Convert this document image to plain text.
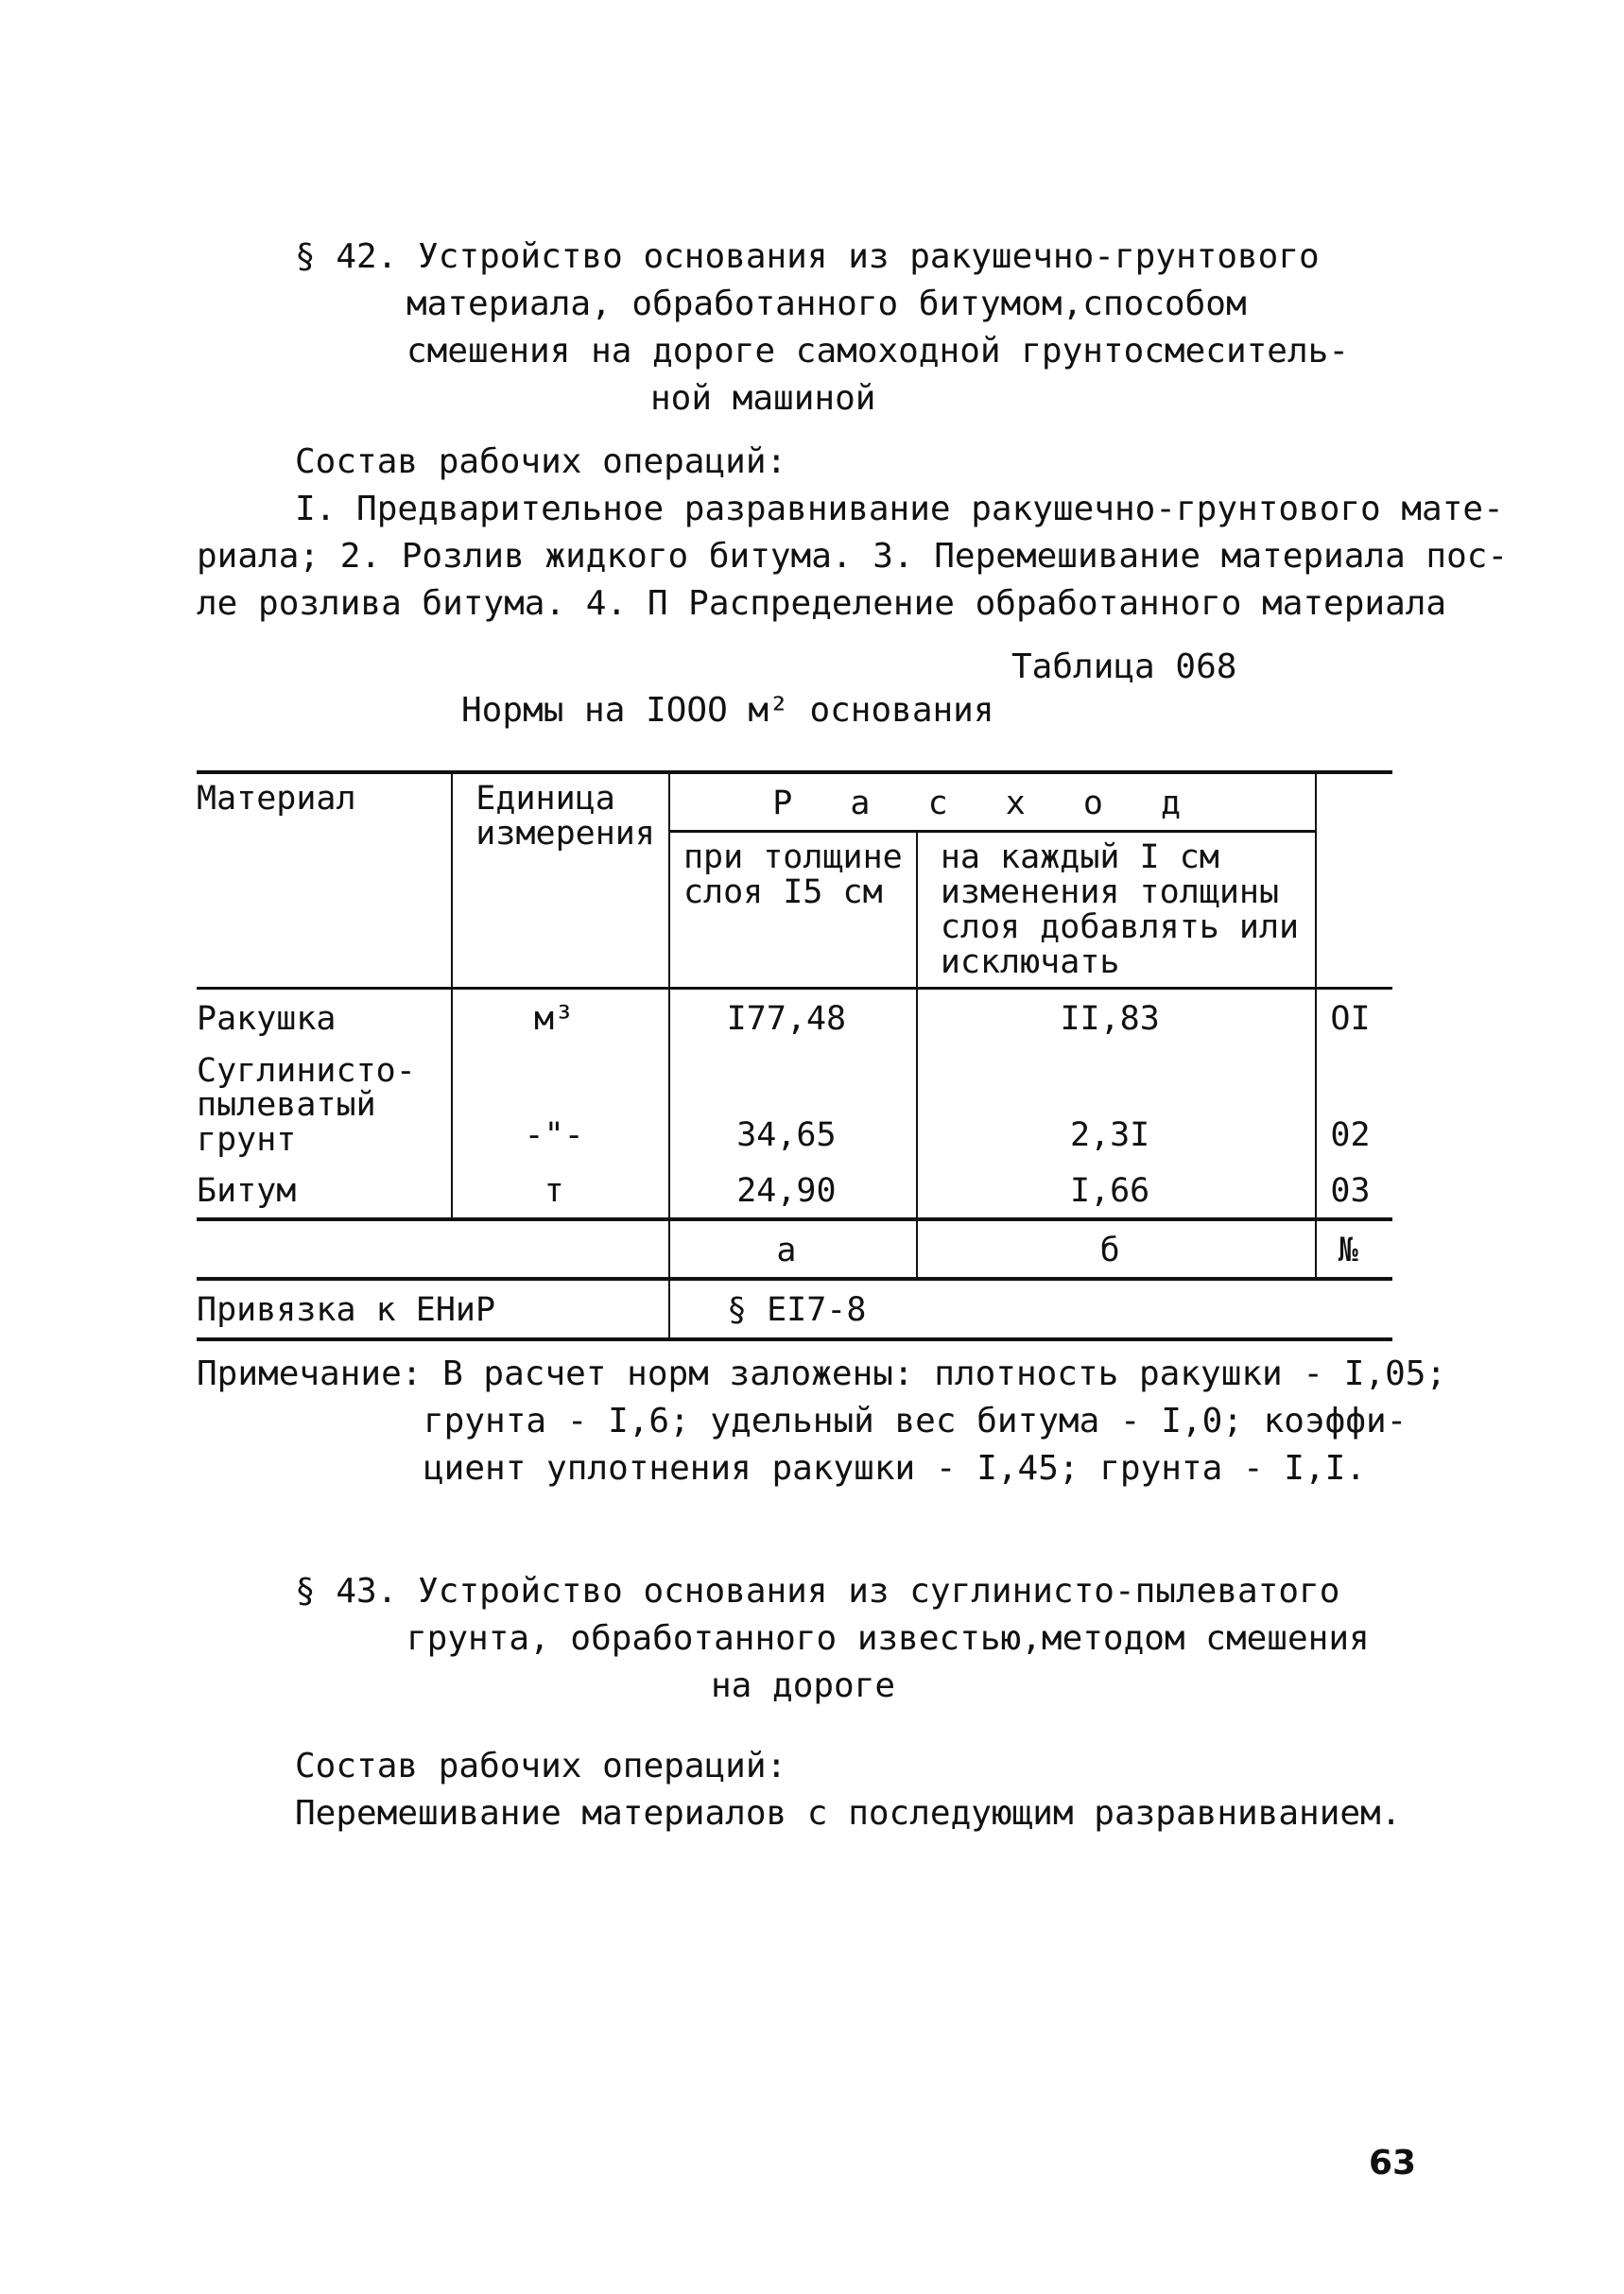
§ 42. Устройство основания из ракушечно-грунтового
материала, обработанного битумом,способом
смешения на дороге самоходной грунтосмеситель-
ной машиной
Состав рабочих операций:
I. Предварительное разравнивание ракушечно-грунтового мате-
риала; 2. Розлив жидкого битума. 3. Перемешивание материала пос-
ле розлива битума. 4. П Распределение обработанного материала
Таблица 068
Нормы на IOOO м² основания
Материал	Единица измерения	Р а с х о д		

		при толщине слоя I5 см	на каждый I см изменения толщины слоя добавлять или исключать	

Ракушка	м³	I77,48	II,83	OI

Суглинисто-пылеватый грунт	-"-	34,65	2,3I	02
Битум	т	24,90	I,66	03
		а	б	№
Привязка к ЕНиР		§ EI7-8		
Примечание: В расчет норм заложены: плотность ракушки - I,05;
грунта - I,6; удельный вес битума - I,0; коэффи-
циент уплотнения ракушки - I,45; грунта - I,I.
§ 43. Устройство основания из суглинисто-пылеватого
грунта, обработанного известью,методом смешения
на дороге
Состав рабочих операций:
Перемешивание материалов с последующим разравниванием.
63
